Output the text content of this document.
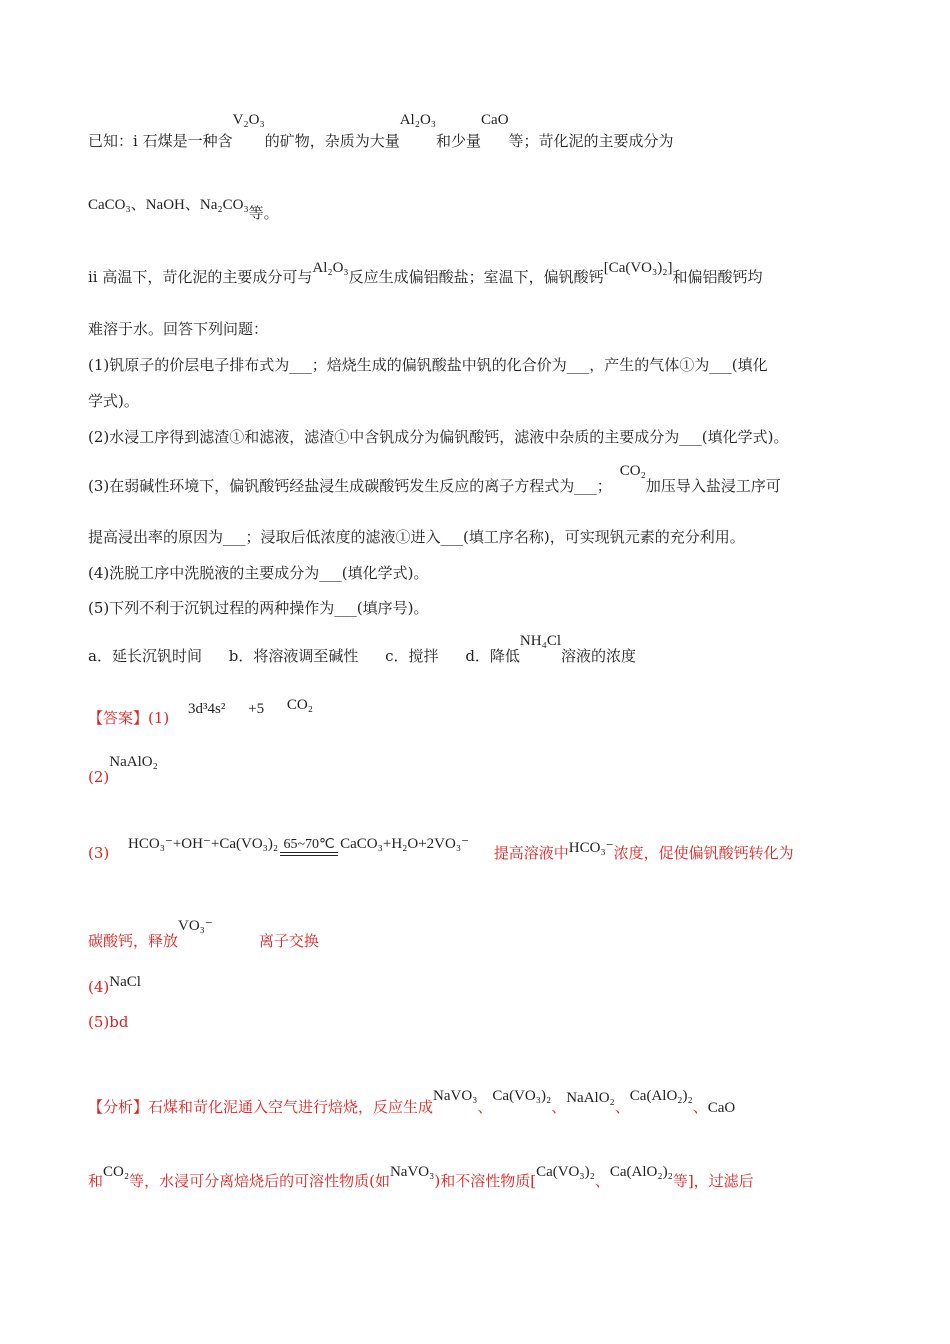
已知：i 石煤是一种含V₂O₃的矿物，杂质为大量Al₂O₃和少量CaO等；苛化泥的主要成分为
CaCO₃、NaOH、Na₂CO₃等。
ii 高温下，苛化泥的主要成分可与Al₂O₃反应生成偏铝酸盐；室温下，偏钒酸钙[Ca(VO₃)₂]和偏铝酸钙均
难溶于水。回答下列问题：
(1)钒原子的价层电子排布式为___；焙烧生成的偏钒酸盐中钒的化合价为___，产生的气体①为___(填化
学式)。
(2)水浸工序得到滤渣①和滤液，滤渣①中含钒成分为偏钒酸钙，滤液中杂质的主要成分为___(填化学式)。
(3)在弱碱性环境下，偏钒酸钙经盐浸生成碳酸钙发生反应的离子方程式为___；CO₂加压导入盐浸工序可
提高浸出率的原因为___；浸取后低浓度的滤液①进入___(填工序名称)，可实现钒元素的充分利用。
(4)洗脱工序中洗脱液的主要成分为___(填化学式)。
(5)下列不利于沉钒过程的两种操作为___(填序号)。
a．延长沉钒时间 b．将溶液调至碱性 c．搅拌 d．降低NH₄Cl溶液的浓度
【答案】(1) 3d³4s² +5 CO₂
(2)NaAlO₂
(3) HCO₃⁻+OH⁻+Ca(VO₃)₂ 65~70℃ CaCO₃+H₂O+2VO₃⁻ 提高溶液中HCO₃⁻浓度，促使偏钒酸钙转化为
碳酸钙，释放VO₃⁻离子交换
(4)NaCl
(5)bd
【分析】石煤和苛化泥通入空气进行焙烧，反应生成NaVO₃、Ca(VO₃)₂、NaAlO₂、Ca(AlO₂)₂、CaO
和CO₂等，水浸可分离焙烧后的可溶性物质(如NaVO₃)和不溶性物质[Ca(VO₃)₂、Ca(AlO₂)₂等]，过滤后
